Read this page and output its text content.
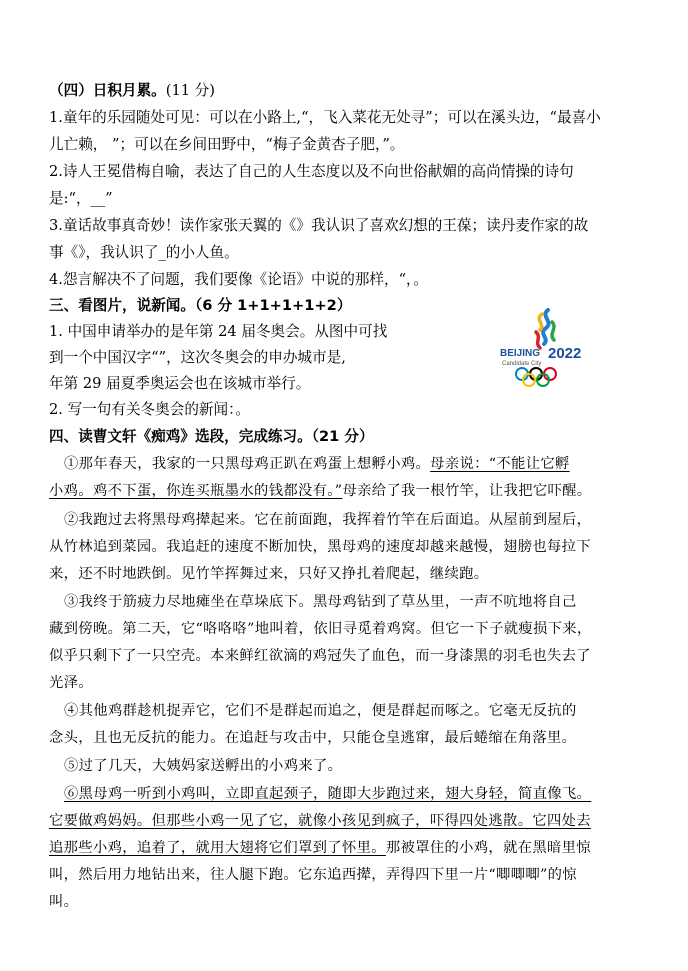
（四）日积月累。(11 分)
1.童年的乐园随处可见：可以在小路上,“，飞入菜花无处寻”；可以在溪头边，“最喜小
儿亡赖， ”；可以在乡间田野中，“梅子金黄杏子肥，”。
2.诗人王冕借梅自喻，表达了自己的人生态度以及不向世俗献媚的高尚情操的诗句
是:“，__”
3.童话故事真奇妙！读作家张天翼的《》我认识了喜欢幻想的王葆；读丹麦作家的故
事《》，我认识了_的小人鱼。
4.怨言解决不了问题，我们要像《论语》中说的那样，“，。
三、看图片，说新闻。（6 分 1+1+1+1+2）
1. 中国申请举办的是年第 24 届冬奥会。从图中可找
到一个中国汉字“”，这次冬奥会的申办城市是,
年第 29 届夏季奥运会也在该城市举行。
2. 写一句有关冬奥会的新闻：。
BEIJING 2022
Candidate City
四、读曹文轩《痴鸡》选段，完成练习。（21 分）
①那年春天，我家的一只黑母鸡正趴在鸡蛋上想孵小鸡。母亲说：“不能让它孵
小鸡。鸡不下蛋，你连买瓶墨水的钱都没有。”母亲给了我一根竹竿，让我把它吓醒。
②我跑过去将黑母鸡撵起来。它在前面跑，我挥着竹竿在后面追。从屋前到屋后，
从竹林追到菜园。我追赶的速度不断加快，黑母鸡的速度却越来越慢，翅膀也每拉下
来，还不时地跌倒。见竹竿挥舞过来，只好又挣扎着爬起，继续跑。
③我终于筋疲力尽地瘫坐在草垛底下。黑母鸡钻到了草丛里，一声不吭地将自己
藏到傍晚。第二天，它“咯咯咯”地叫着，依旧寻觅着鸡窝。但它一下子就瘦损下来，
似乎只剩下了一只空壳。本来鲜红欲滴的鸡冠失了血色，而一身漆黑的羽毛也失去了
光泽。
④其他鸡群趁机捉弄它，它们不是群起而追之，便是群起而啄之。它毫无反抗的
念头，且也无反抗的能力。在追赶与攻击中，只能仓皇逃窜，最后蜷缩在角落里。
⑤过了几天，大姨妈家送孵出的小鸡来了。
⑥黑母鸡一听到小鸡叫，立即直起颈子，随即大步跑过来，翅大身轻，简直像飞。
它要做鸡妈妈。但那些小鸡一见了它，就像小孩见到疯子，吓得四处逃散。它四处去
追那些小鸡，追着了，就用大翅将它们罩到了怀里。那被罩住的小鸡，就在黑暗里惊
叫，然后用力地钻出来，往人腿下跑。它东追西撵，弄得四下里一片“唧唧唧”的惊
叫。
